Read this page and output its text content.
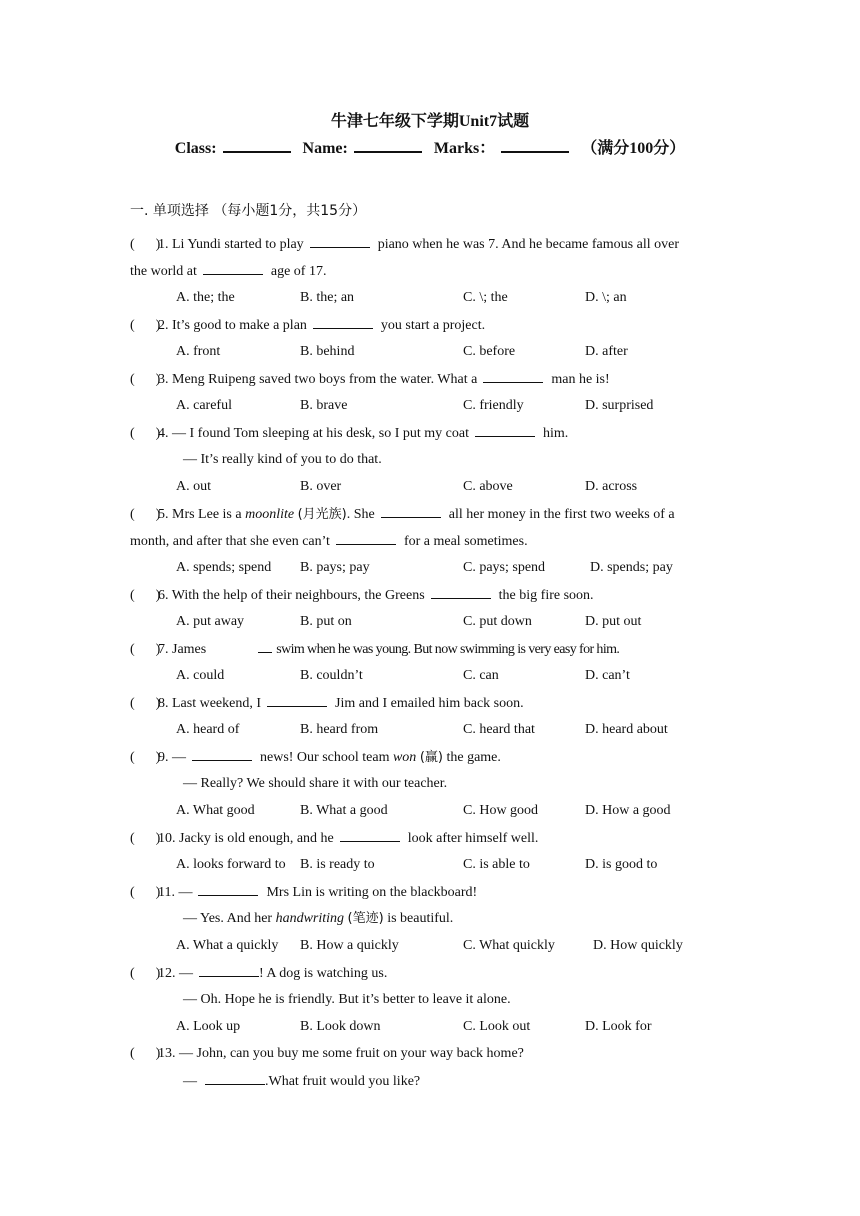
牛津七年级下学期Unit7试题
Class:	Name:	Marks：	（满分100分）
一. 单项选择 （每小题1分，共15分）
(      )1. Li Yundi started to play	piano when he was 7. And he became famous all over
the world at	age of 17.
A. the; the	B. the; an	C. \; the	D. \; an
(      )2. It’s good to make a plan	you start a project.
A. front	B. behind	C. before	D. after
(      )3. Meng Ruipeng saved two boys from the water. What a	man he is!
A. careful	B. brave	C. friendly	D. surprised
(      )4. — I found Tom sleeping at his desk, so I put my coat	him.
— It’s really kind of you to do that.
A. out	B. over	C. above	D. across
(      )5. Mrs Lee is a moonlite (月光族). She	all her money in the first two weeks of a
month, and after that she even can’t	for a meal sometimes.
A. spends; spend B. pays; pay	C. pays; spend	D. spends; pay
(      )6. With the help of their neighbours, the Greens	the big fire soon.
A. put away	B. put on	C. put down	D. put out
(      )7. James	swim when he was young. But now swimming is very easy for him.
A. could	B. couldn’t	C. can	D. can’t
(      )8. Last weekend, I	Jim and I emailed him back soon.
A. heard of	B. heard from	C. heard that	D. heard about
(      )9. —	news! Our school team won (赢) the game.
— Really? We should share it with our teacher.
A. What good	B. What a good	C. How good	D. How a good
(      )10. Jacky is old enough, and he	look after himself well.
A. looks forward to B. is ready to	C. is able to	D. is good to
(      )11. —	Mrs Lin is writing on the blackboard!
— Yes. And her handwriting (笔迹) is beautiful.
A. What a quickly B. How a quickly	C. What quickly	D. How quickly
(      )12. —	! A dog is watching us.
— Oh. Hope he is friendly. But it’s better to leave it alone.
A. Look up	B. Look down	C. Look out	D. Look for
(      )13. — John, can you buy me some fruit on your way back home?
—	.What fruit would you like?
